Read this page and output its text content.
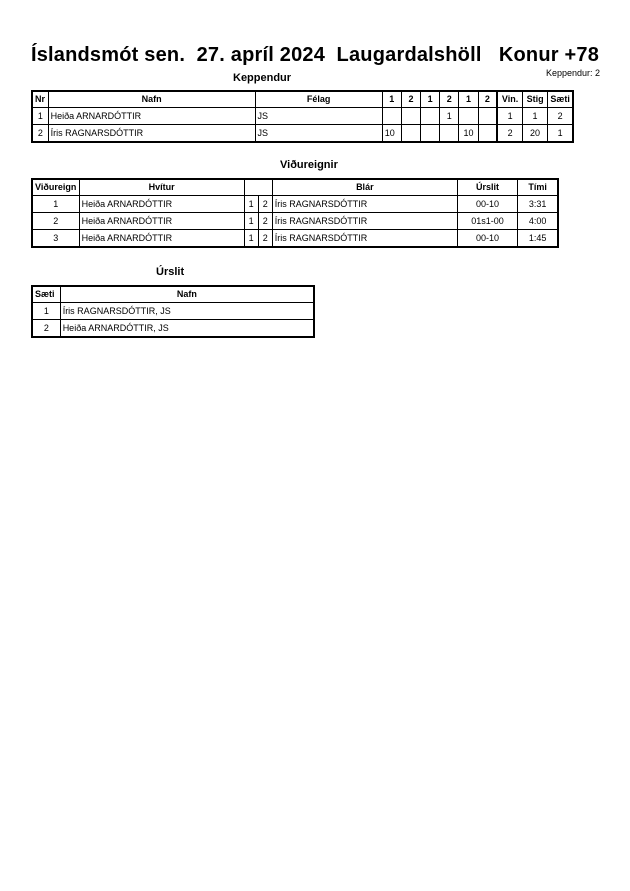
Íslandsmót sen.  27. apríl 2024  Laugardalshöll   Konur +78
Keppendur	Keppendur: 2
Nr	Nafn	Félag	1	2	1	2	1	2	Vin.	Stig	Sæti
1	Heiða ARNARDÓTTIR	JS				1			1	1	2
2	Íris RAGNARSDÓTTIR	JS	10				10		2	20	1
Viðureignir
Viðureign	Hvítur			Blár	Úrslit	Tími
1	Heiða ARNARDÓTTIR	1	2	Íris RAGNARSDÓTTIR	00-10	3:31
2	Heiða ARNARDÓTTIR	1	2	Íris RAGNARSDÓTTIR	01s1-00	4:00
3	Heiða ARNARDÓTTIR	1	2	Íris RAGNARSDÓTTIR	00-10	1:45
Úrslit
Sæti	Nafn
1	Íris RAGNARSDÓTTIR, JS
2	Heiða ARNARDÓTTIR, JS
